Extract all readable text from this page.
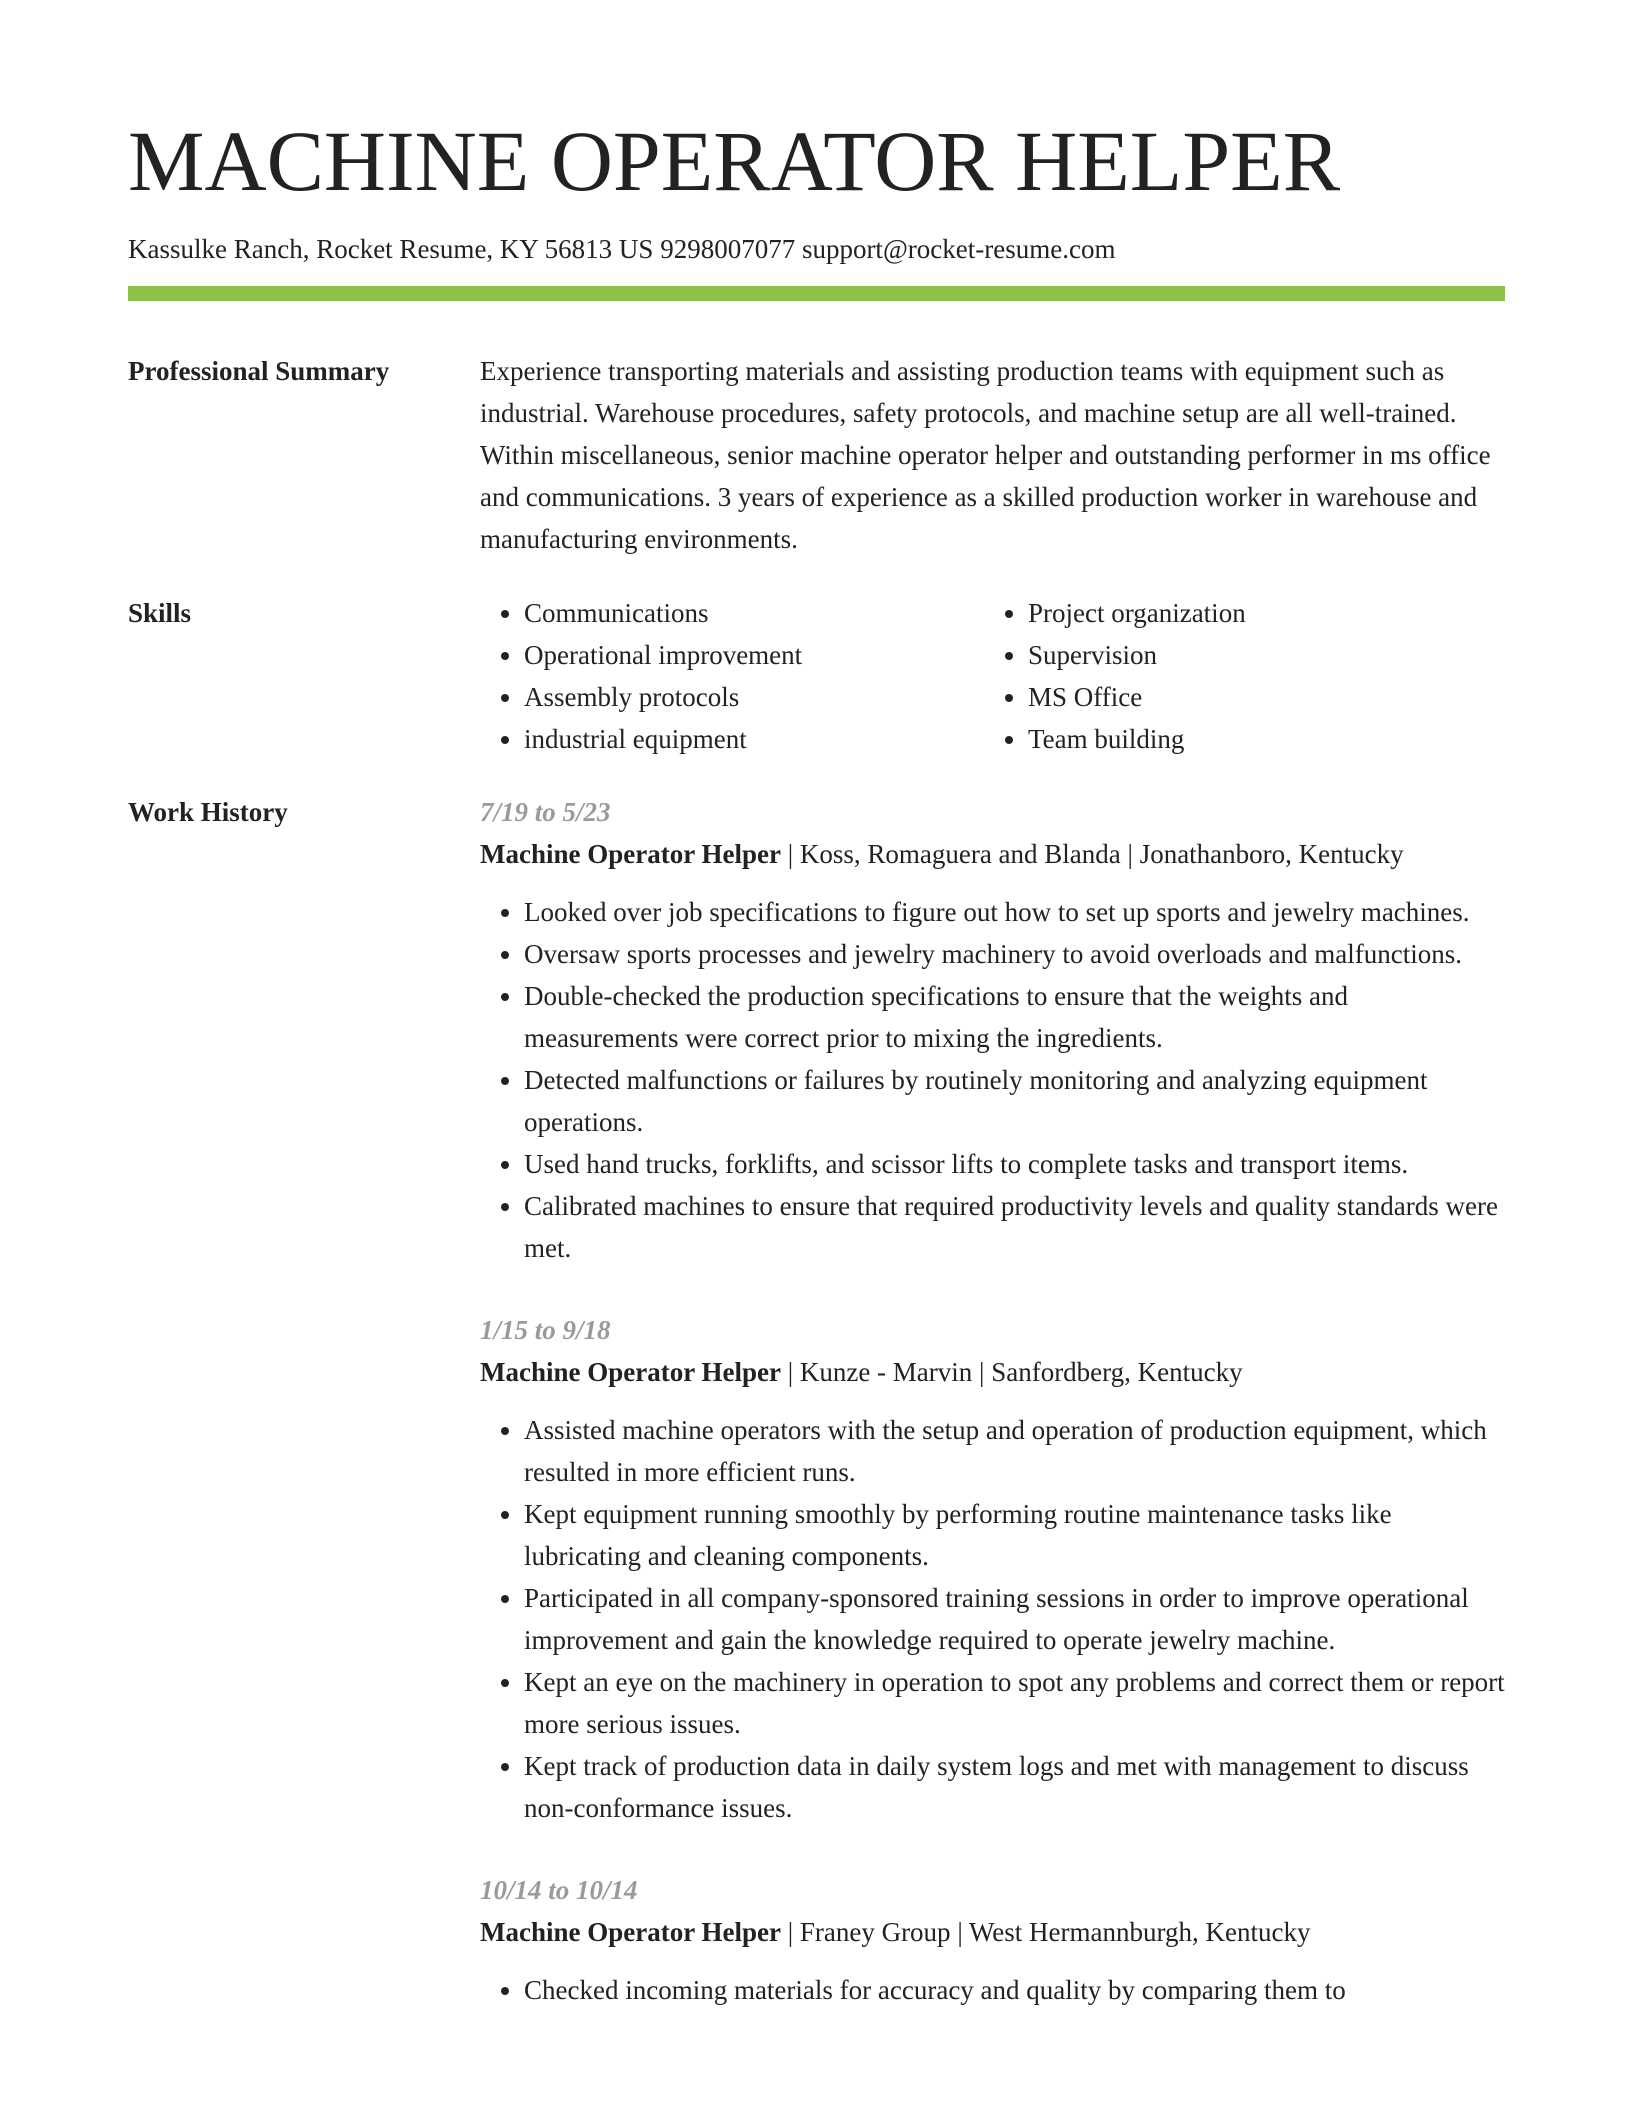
MACHINE OPERATOR HELPER
Kassulke Ranch, Rocket Resume, KY 56813 US 9298007077 support@rocket-resume.com
Professional Summary	Experience transporting materials and assisting production teams with equipment such as industrial. Warehouse procedures, safety protocols, and machine setup are all well-trained. Within miscellaneous, senior machine operator helper and outstanding performer in ms office and communications. 3 years of experience as a skilled production worker in warehouse and manufacturing environments.

Skills
•	Communications
• Operational improvement
• Assembly protocols
• industrial equipment
• Project organization
• Supervision
• MS Office
• Team building
Work History	7/19 to 5/23
Machine Operator Helper | Koss, Romaguera and Blanda | Jonathanboro, Kentucky
• Looked over job specifications to figure out how to set up sports and jewelry machines.
• Oversaw sports processes and jewelry machinery to avoid overloads and malfunctions.
• Double-checked the production specifications to ensure that the weights and measurements were correct prior to mixing the ingredients.
• Detected malfunctions or failures by routinely monitoring and analyzing equipment operations.
• Used hand trucks, forklifts, and scissor lifts to complete tasks and transport items.
• Calibrated machines to ensure that required productivity levels and quality standards were met.
1/15 to 9/18
Machine Operator Helper | Kunze - Marvin | Sanfordberg, Kentucky
• Assisted machine operators with the setup and operation of production equipment, which resulted in more efficient runs.
• Kept equipment running smoothly by performing routine maintenance tasks like lubricating and cleaning components.
• Participated in all company-sponsored training sessions in order to improve operational improvement and gain the knowledge required to operate jewelry machine.
• Kept an eye on the machinery in operation to spot any problems and correct them or report more serious issues.
• Kept track of production data in daily system logs and met with management to discuss non-conformance issues.
10/14 to 10/14
Machine Operator Helper | Franey Group | West Hermannburgh, Kentucky
• Checked incoming materials for accuracy and quality by comparing them to
